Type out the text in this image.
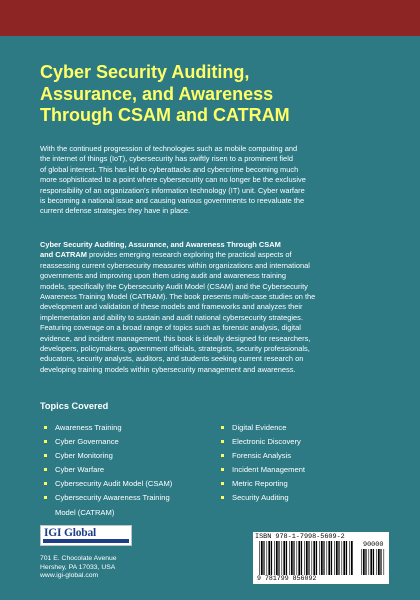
Cyber Security Auditing,
Assurance, and Awareness
Through CSAM and CATRAM

With the continued progression of technologies such as mobile computing and
the internet of things (IoT), cybersecurity has swiftly risen to a prominent field
of global interest. This has led to cyberattacks and cybercrime becoming much
more sophisticated to a point where cybersecurity can no longer be the exclusive
responsibility of an organization's information technology (IT) unit. Cyber warfare
is becoming a national issue and causing various governments to reevaluate the
current defense strategies they have in place.

Cyber Security Auditing, Assurance, and Awareness Through CSAM
and CATRAM provides emerging research exploring the practical aspects of
reassessing current cybersecurity measures within organizations and international
governments and improving upon them using audit and awareness training
models, specifically the Cybersecurity Audit Model (CSAM) and the Cybersecurity
Awareness Training Model (CATRAM). The book presents multi-case studies on the
development and validation of these models and frameworks and analyzes their
implementation and ability to sustain and audit national cybersecurity strategies.
Featuring coverage on a broad range of topics such as forensic analysis, digital
evidence, and incident management, this book is ideally designed for researchers,
developers, policymakers, government officials, strategists, security professionals,
educators, security analysts, auditors, and students seeking current research on
developing training models within cybersecurity management and awareness.

Topics Covered
Awareness Training
Cyber Governance
Cyber Monitoring
Cyber Warfare
Cybersecurity Audit Model (CSAM)
Cybersecurity Awareness Training
Model (CATRAM)
Digital Evidence
Electronic Discovery
Forensic Analysis
Incident Management
Metric Reporting
Security Auditing
IGI Global

701 E. Chocolate Avenue
Hershey, PA 17033, USA
www.igi-global.com

ISBN 978-1-7998-5609-2
90000
9 781799 856092
